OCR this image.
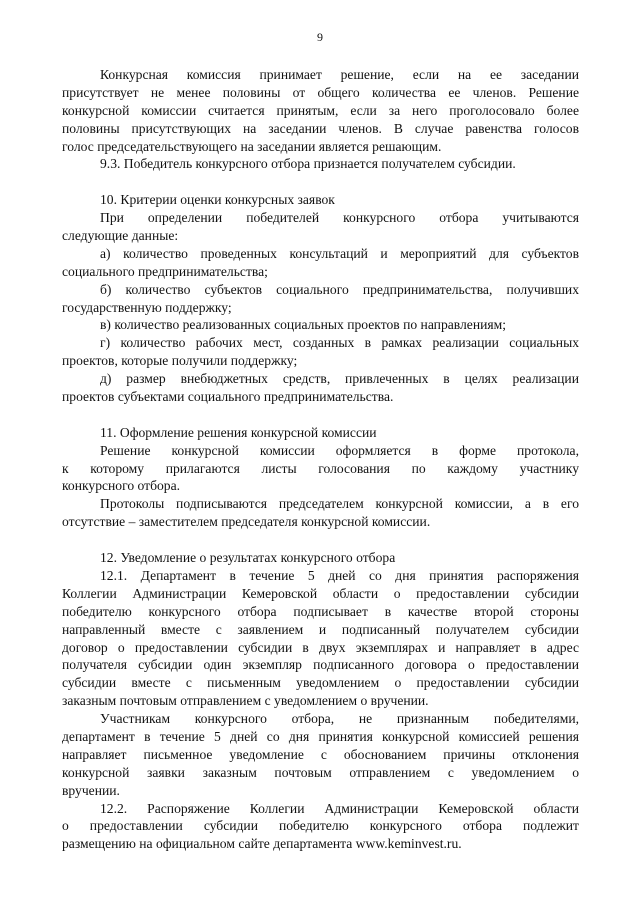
9
Конкурсная комиссия принимает решение, если на ее заседании
присутствует не менее половины от общего количества ее членов. Решение
конкурсной комиссии считается принятым, если за него проголосовало более
половины присутствующих на заседании членов. В случае равенства голосов
голос председательствующего на заседании является решающим.
9.3. Победитель конкурсного отбора признается получателем субсидии.
10. Критерии оценки конкурсных заявок
При определении победителей конкурсного отбора учитываются
следующие данные:
а) количество проведенных консультаций и мероприятий для субъектов
социального предпринимательства;
б) количество субъектов социального предпринимательства, получивших
государственную поддержку;
в) количество реализованных социальных проектов по направлениям;
г) количество рабочих мест, созданных в рамках реализации социальных
проектов, которые получили поддержку;
д) размер внебюджетных средств, привлеченных в целях реализации
проектов субъектами социального предпринимательства.
11. Оформление решения конкурсной комиссии
Решение конкурсной комиссии оформляется в форме протокола,
к которому прилагаются листы голосования по каждому участнику
конкурсного отбора.
Протоколы подписываются председателем конкурсной комиссии, а в его
отсутствие – заместителем председателя конкурсной комиссии.
12. Уведомление о результатах конкурсного отбора
12.1. Департамент в течение 5 дней со дня принятия распоряжения
Коллегии Администрации Кемеровской области о предоставлении субсидии
победителю конкурсного отбора подписывает в качестве второй стороны
направленный вместе с заявлением и подписанный получателем субсидии
договор о предоставлении субсидии в двух экземплярах и направляет в адрес
получателя субсидии один экземпляр подписанного договора о предоставлении
субсидии вместе с письменным уведомлением о предоставлении субсидии
заказным почтовым отправлением с уведомлением о вручении.
Участникам конкурсного отбора, не признанным победителями,
департамент в течение 5 дней со дня принятия конкурсной комиссией решения
направляет письменное уведомление с обоснованием причины отклонения
конкурсной заявки заказным почтовым отправлением с уведомлением о
вручении.
12.2. Распоряжение Коллегии Администрации Кемеровской области
о предоставлении субсидии победителю конкурсного отбора подлежит
размещению на официальном сайте департамента www.keminvest.ru.
